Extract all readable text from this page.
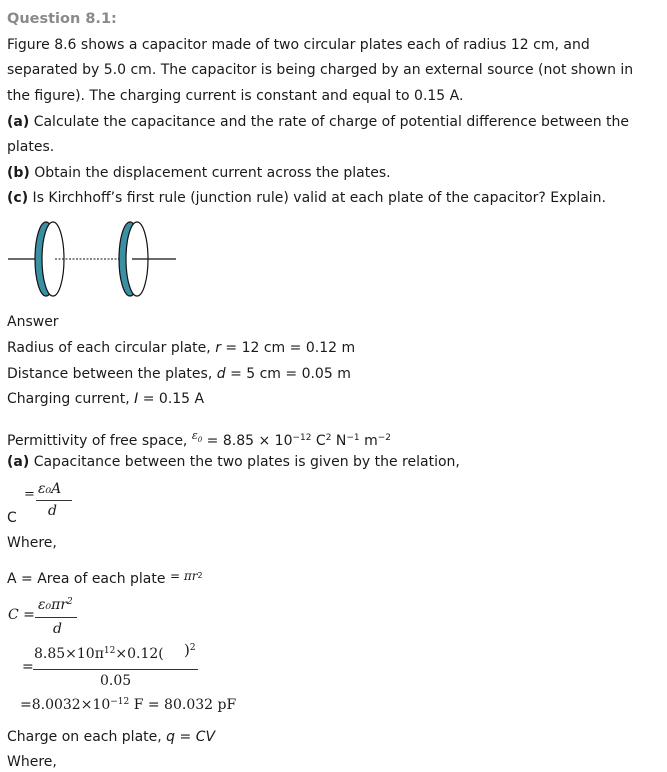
Question 8.1:
Figure 8.6 shows a capacitor made of two circular plates each of radius 12 cm, and
separated by 5.0 cm. The capacitor is being charged by an external source (not shown in
the figure). The charging current is constant and equal to 0.15 A.
(a) Calculate the capacitance and the rate of charge of potential difference between the
plates.
(b) Obtain the displacement current across the plates.
(c) Is Kirchhoff’s first rule (junction rule) valid at each plate of the capacitor? Explain.
Answer
Radius of each circular plate, r = 12 cm = 0.12 m
Distance between the plates, d = 5 cm = 0.05 m
Charging current, I = 0.15 A
Permittivity of free space, $^{\varepsilon_0} = 8.85 \times 10^{-12}$ $C^2$ $N^{-1}$ $m^{-2}$
(a) Capacitance between the two plates is given by the relation,
= ε₀A
d
C
Where,
A = Area of each plate = $\pi r^2$
C =
$\varepsilon_0\pi r^2$
d
=
$8.85\times 10\pi^{12}\times 0.12$( )$^2$
0.05
$=8.0032\times 10^{-12}$ F = 80.032 pF
Charge on each plate, q = CV
Where,
